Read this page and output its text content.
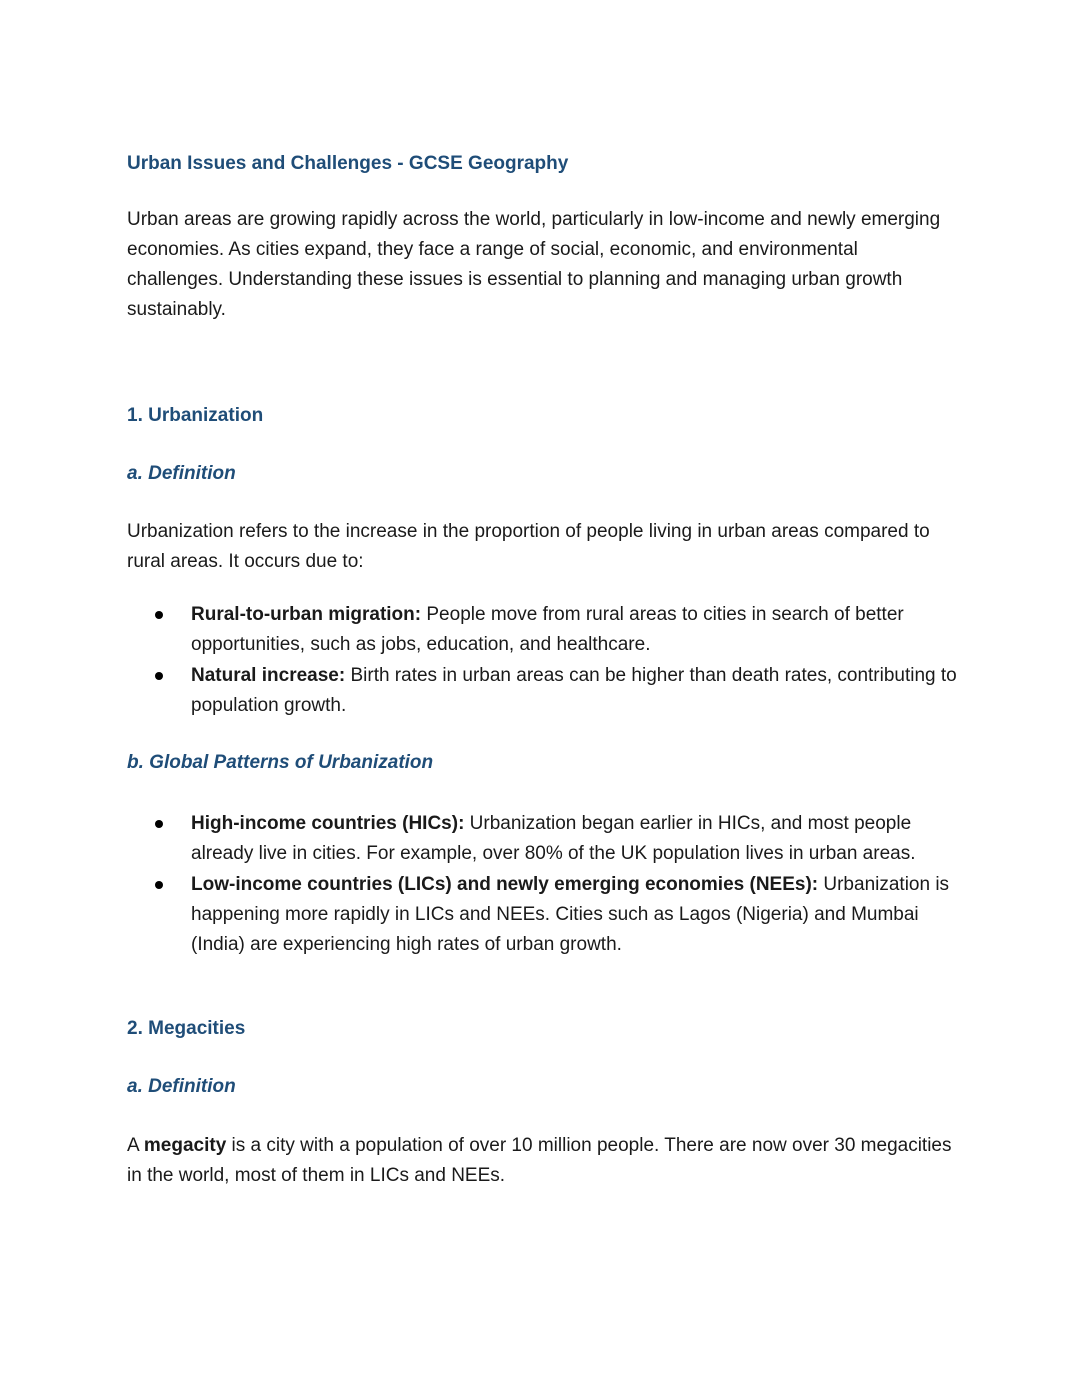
Urban Issues and Challenges - GCSE Geography

Urban areas are growing rapidly across the world, particularly in low-income and newly emerging economies. As cities expand, they face a range of social, economic, and environmental challenges. Understanding these issues is essential to planning and managing urban growth sustainably.

1. Urbanization
a. Definition

Urbanization refers to the increase in the proportion of people living in urban areas compared to rural areas. It occurs due to:

Rural-to-urban migration: People move from rural areas to cities in search of better opportunities, such as jobs, education, and healthcare.
Natural increase: Birth rates in urban areas can be higher than death rates, contributing to population growth.
b. Global Patterns of Urbanization
High-income countries (HICs): Urbanization began earlier in HICs, and most people already live in cities. For example, over 80% of the UK population lives in urban areas.
Low-income countries (LICs) and newly emerging economies (NEEs): Urbanization is happening more rapidly in LICs and NEEs. Cities such as Lagos (Nigeria) and Mumbai (India) are experiencing high rates of urban growth.
2. Megacities
a. Definition

A megacity is a city with a population of over 10 million people. There are now over 30 megacities in the world, most of them in LICs and NEEs.
